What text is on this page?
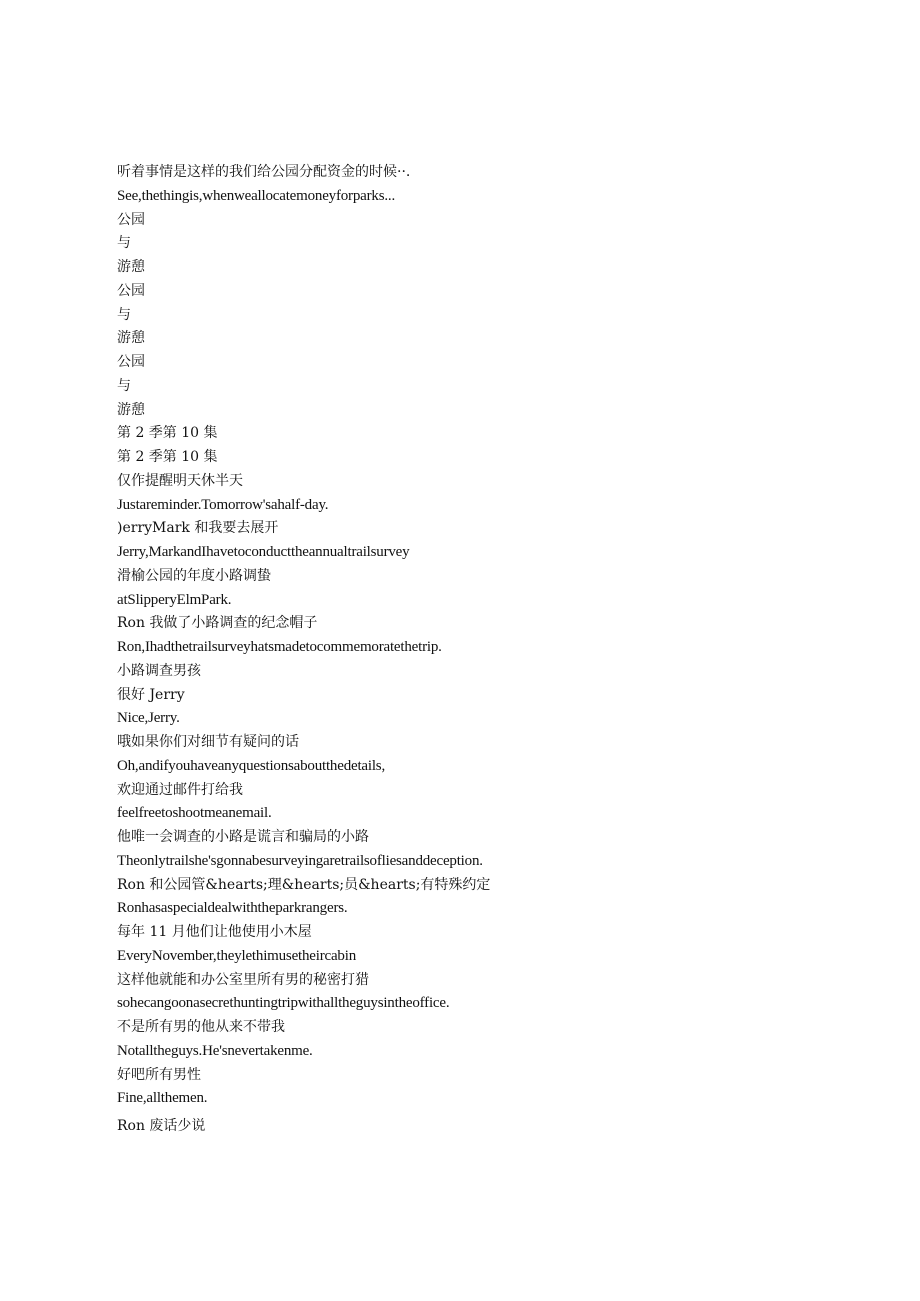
听着事情是这样的我们给公园分配资金的时候··.
See,thethingis,whenweallocatemoneyforparks...
公园
与
游憩
公园
与
游憩
公园
与
游憩
第 2 季第 10 集
第 2 季第 10 集
仅作提醒明天休半天
Justareminder.Tomorrow'sahalf-day.
)erryMark 和我要去展开
Jerry,MarkandIhavetoconducttheannualtrailsurvey
滑榆公园的年度小路调蛰
atSlipperyElmPark.
Ron 我做了小路调查的纪念帽子
Ron,Ihadthetrailsurveyhatsmadetocommemoratethetrip.
小路调查男孩
很好 Jerry
Nice,Jerry.
哦如果你们对细节有疑问的话
Oh,andifyouhaveanyquestionsaboutthedetails,
欢迎通过邮件打给我
feelfreetoshootmeanemail.
他唯一会调查的小路是谎言和骗局的小路
Theonlytrailshe'sgonnabesurveyingaretrailsofliesanddeception.
Ron 和公园管&hearts;理&hearts;员&hearts;有特殊约定
Ronhasaspecialdealwiththeparkrangers.
每年 11 月他们让他使用小木屋
EveryNovember,theylethimusetheircabin
这样他就能和办公室里所有男的秘密打猎
sohecangoonasecrethuntingtripwithalltheguysintheoffice.
不是所有男的他从来不带我
Notalltheguys.He'snevertakenme.
好吧所有男性
Fine,allthemen.
Ron 废话少说
